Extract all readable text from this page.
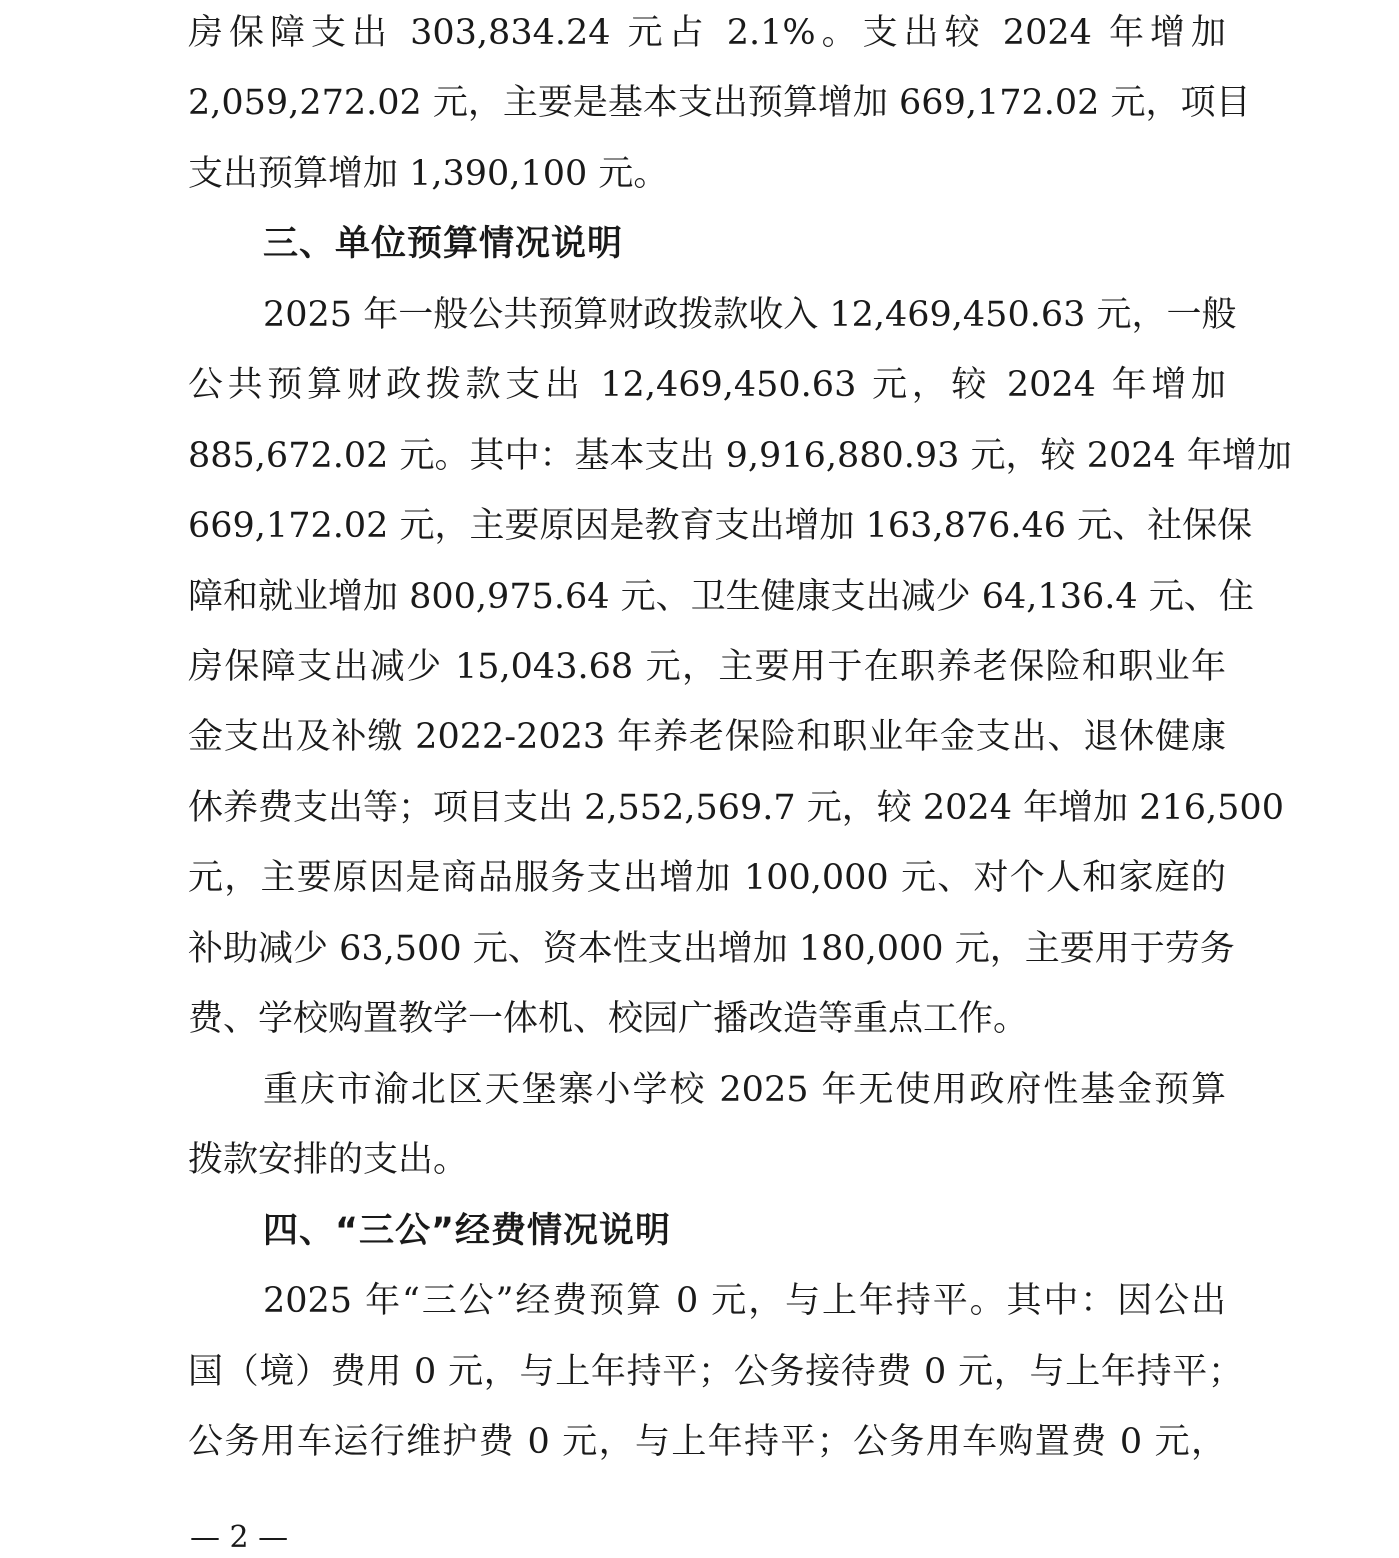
房保障支出 303,834.24 元占 2.1%。支出较 2024 年增加
2,059,272.02 元，主要是基本支出预算增加 669,172.02 元，项目
支出预算增加 1,390,100 元。
三、单位预算情况说明
2025 年一般公共预算财政拨款收入 12,469,450.63 元，一般
公共预算财政拨款支出 12,469,450.63 元，较 2024 年增加
885,672.02 元。其中：基本支出 9,916,880.93 元，较 2024 年增加
669,172.02 元，主要原因是教育支出增加 163,876.46 元、社保保
障和就业增加 800,975.64 元、卫生健康支出减少 64,136.4 元、住
房保障支出减少 15,043.68 元，主要用于在职养老保险和职业年
金支出及补缴 2022-2023 年养老保险和职业年金支出、退休健康
休养费支出等；项目支出 2,552,569.7 元，较 2024 年增加 216,500
元，主要原因是商品服务支出增加 100,000 元、对个人和家庭的
补助减少 63,500 元、资本性支出增加 180,000 元，主要用于劳务
费、学校购置教学一体机、校园广播改造等重点工作。
重庆市渝北区天堡寨小学校 2025 年无使用政府性基金预算
拨款安排的支出。
四、“三公”经费情况说明
2025 年“三公”经费预算 0 元，与上年持平。其中：因公出
国（境）费用 0 元，与上年持平；公务接待费 0 元，与上年持平；
公务用车运行维护费 0 元，与上年持平；公务用车购置费 0 元，
— 2 —
